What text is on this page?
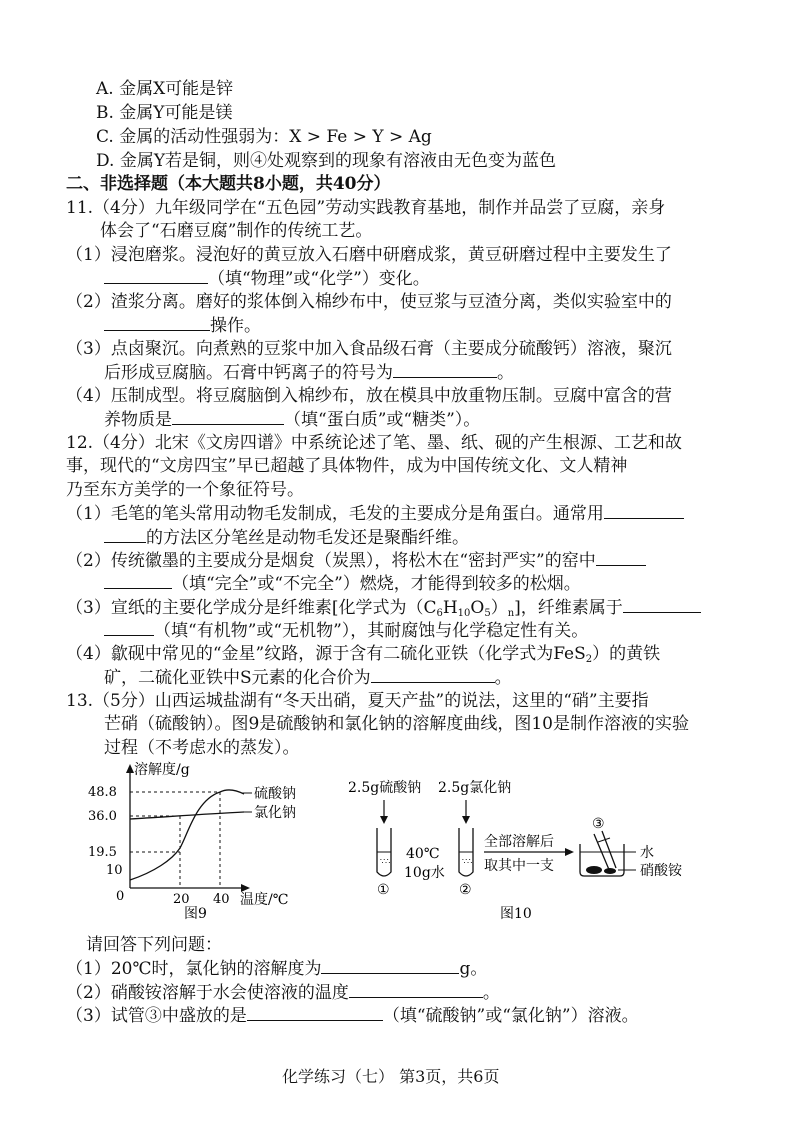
A. 金属X可能是锌
B. 金属Y可能是镁
C. 金属的活动性强弱为：X > Fe > Y > Ag
D. 金属Y若是铜，则④处观察到的现象有溶液由无色变为蓝色
二、非选择题（本大题共8小题，共40分）
11.（4分）九年级同学在“五色园”劳动实践教育基地，制作并品尝了豆腐，亲身
体会了“石磨豆腐”制作的传统工艺。
（1）浸泡磨浆。浸泡好的黄豆放入石磨中研磨成浆，黄豆研磨过程中主要发生了
（填“物理”或“化学”）变化。
（2）渣浆分离。磨好的浆体倒入棉纱布中，使豆浆与豆渣分离，类似实验室中的
操作。
（3）点卤聚沉。向煮熟的豆浆中加入食品级石膏（主要成分硫酸钙）溶液，聚沉
后形成豆腐脑。石膏中钙离子的符号为	。
（4）压制成型。将豆腐脑倒入棉纱布，放在模具中放重物压制。豆腐中富含的营
养物质是	（填“蛋白质”或“糖类”）。
12.（4分）北宋《文房四谱》中系统论述了笔、墨、纸、砚的产生根源、工艺和故
事，现代的“文房四宝”早已超越了具体物件，成为中国传统文化、文人精神
乃至东方美学的一个象征符号。
（1）毛笔的笔头常用动物毛发制成，毛发的主要成分是角蛋白。通常用
的方法区分笔丝是动物毛发还是聚酯纤维。
（2）传统徽墨的主要成分是烟炱（炭黑），将松木在“密封严实”的窑中
（填“完全”或“不完全”）燃烧，才能得到较多的松烟。
（3）宣纸的主要化学成分是纤维素[化学式为$(C_6H_{10}O_5)_n$]，纤维素属于
（填“有机物”或“无机物”），其耐腐蚀与化学稳定性有关。
（4）歙砚中常见的“金星”纹路，源于含有二硫化亚铁（化学式为FeS$_2$）的黄铁
矿，二硫化亚铁中S元素的化合价为	。
13.（5分）山西运城盐湖有“冬天出硝，夏天产盐”的说法，这里的“硝”主要指
芒硝（硫酸钠）。图9是硫酸钠和氯化钠的溶解度曲线，图10是制作溶液的实验
过程（不考虑水的蒸发）。
溶解度/g
48.8
36.0
19.5
10
0	20 40
硫酸钠
氯化钠
温度/℃
图9
2.5g硫酸钠 2.5g氯化钠
∵∴	∵∴
40℃
10g水
①	②
全部溶解后
取其中一支
③
水
硝酸铵
图10
请回答下列问题：
（1）20℃时，氯化钠的溶解度为	g。
（2）硝酸铵溶解于水会使溶液的温度	。
（3）试管③中盛放的是	（填“硫酸钠”或“氯化钠”）溶液。
化学练习（七） 第3页，共6页
